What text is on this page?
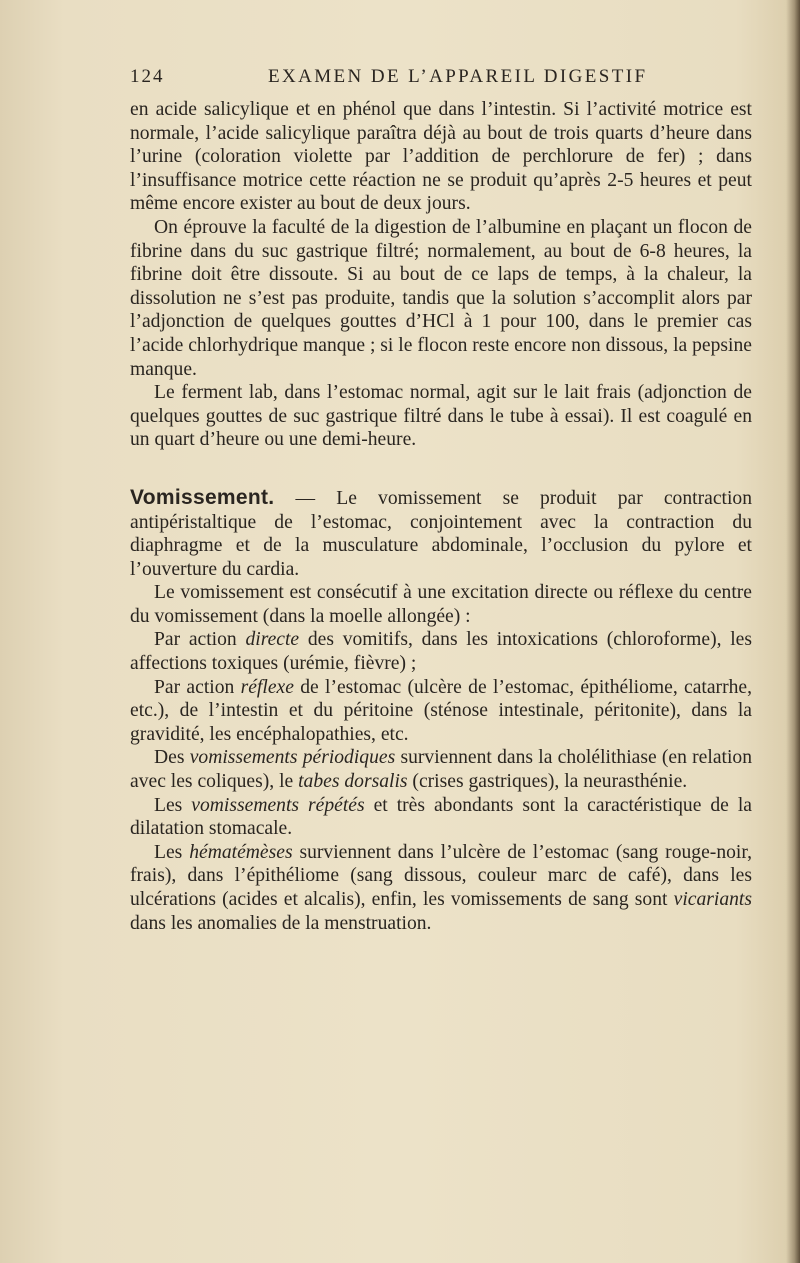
124	EXAMEN DE L’APPAREIL DIGESTIF

en acide salicylique et en phénol que dans l’intestin. Si l’activité motrice est normale, l’acide salicylique paraîtra déjà au bout de trois quarts d’heure dans l’urine (coloration violette par l’addition de perchlorure de fer) ; dans l’insuffisance motrice cette réaction ne se produit qu’après 2-5 heures et peut même encore exister au bout de deux jours.

On éprouve la faculté de la digestion de l’albumine en plaçant un flocon de fibrine dans du suc gastrique filtré; normalement, au bout de 6-8 heures, la fibrine doit être dissoute. Si au bout de ce laps de temps, à la chaleur, la dissolution ne s’est pas produite, tandis que la solution s’accomplit alors par l’adjonction de quelques gouttes d’HCl à 1 pour 100, dans le premier cas l’acide chlorhydrique manque ; si le flocon reste encore non dissous, la pepsine manque.

Le ferment lab, dans l’estomac normal, agit sur le lait frais (adjonction de quelques gouttes de suc gastrique filtré dans le tube à essai). Il est coagulé en un quart d’heure ou une demi-heure.

Vomissement. — Le vomissement se produit par contraction antipéristaltique de l’estomac, conjointement avec la contraction du diaphragme et de la musculature abdominale, l’occlusion du pylore et l’ouverture du cardia.

Le vomissement est consécutif à une excitation directe ou réflexe du centre du vomissement (dans la moelle allongée) :

Par action directe des vomitifs, dans les intoxications (chloroforme), les affections toxiques (urémie, fièvre) ;

Par action réflexe de l’estomac (ulcère de l’estomac, épithéliome, catarrhe, etc.), de l’intestin et du péritoine (sténose intestinale, péritonite), dans la gravidité, les encéphalopathies, etc.

Des vomissements périodiques surviennent dans la cholélithiase (en relation avec les coliques), le tabes dorsalis (crises gastriques), la neurasthénie.

Les vomissements répétés et très abondants sont la caractéristique de la dilatation stomacale.

Les hématémèses surviennent dans l’ulcère de l’estomac (sang rouge-noir, frais), dans l’épithéliome (sang dissous, couleur marc de café), dans les ulcérations (acides et alcalis), enfin, les vomissements de sang sont vicariants dans les anomalies de la menstruation.
